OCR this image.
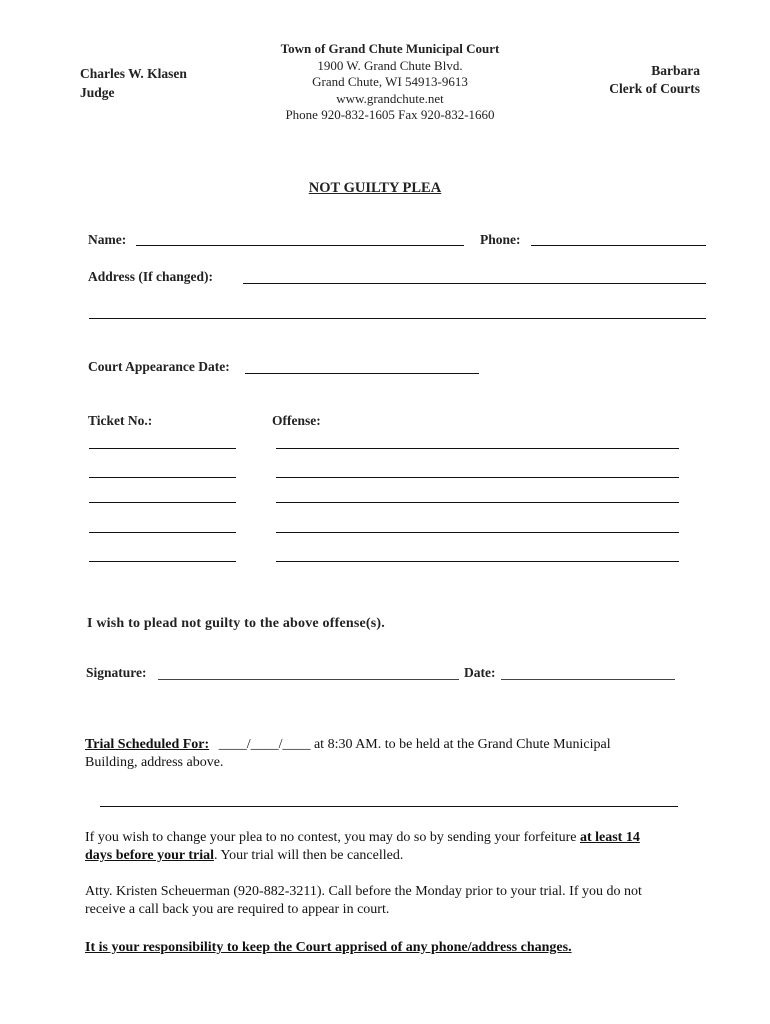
Charles W. Klasen
Judge
Town of Grand Chute Municipal Court
1900 W. Grand Chute Blvd.
Grand Chute, WI 54913-9613
www.grandchute.net
Phone 920-832-1605 Fax 920-832-1660
Barbara
Clerk of Courts
NOT GUILTY PLEA
Name:	Phone:
Address (If changed):
Court Appearance Date:
Ticket No.:	Offense:
I wish to plead not guilty to the above offense(s).
Signature:	Date:
Trial Scheduled For: ____/____/____ at 8:30 AM. to be held at the Grand Chute Municipal
Building, address above.
If you wish to change your plea to no contest, you may do so by sending your forfeiture at least 14
days before your trial. Your trial will then be cancelled.
Atty. Kristen Scheuerman (920-882-3211). Call before the Monday prior to your trial. If you do not
receive a call back you are required to appear in court.
It is your responsibility to keep the Court apprised of any phone/address changes.
